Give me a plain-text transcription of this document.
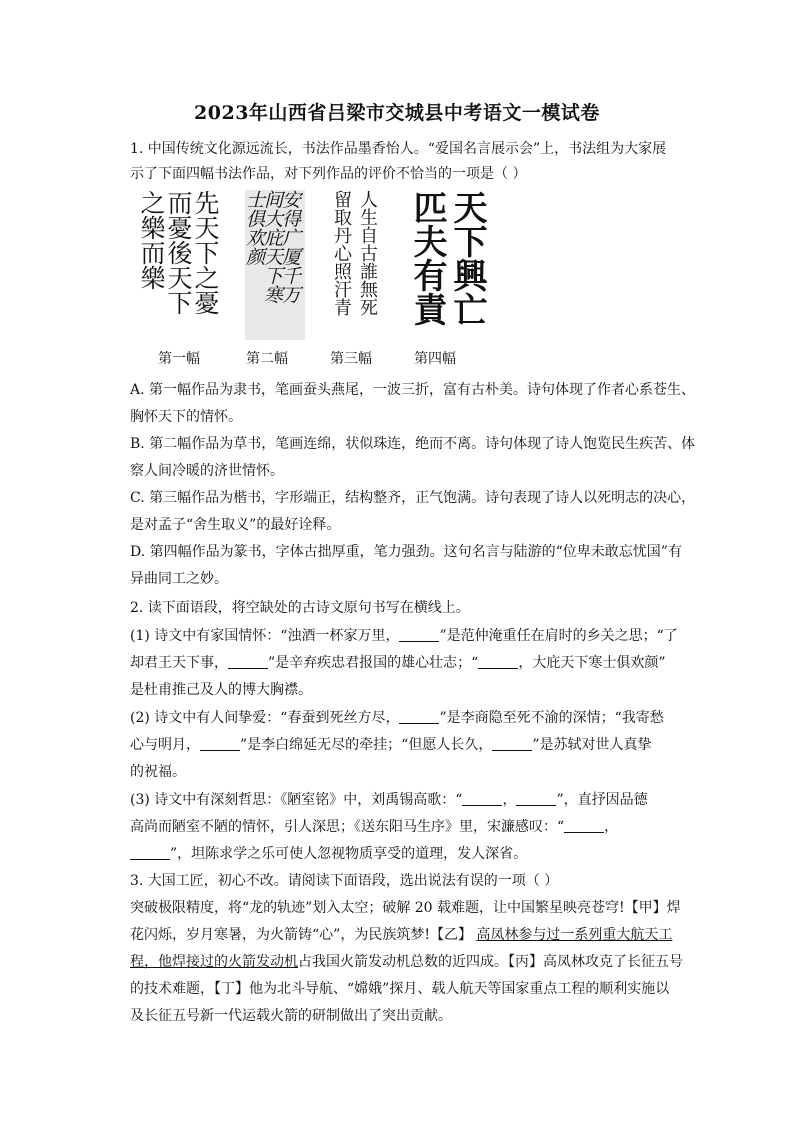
2023年山西省吕梁市交城县中考语文一模试卷
1. 中国传统文化源远流长，书法作品墨香怡人。“爱国名言展示会”上，书法组为大家展
示了下面四幅书法作品，对下列作品的评价不恰当的一项是（ ）
先天下之憂
而憂後天下
之樂而樂	安得广厦千万
间大庇天下寒
士俱欢颜	人生自古誰無死
留取丹心照汗青	天下興亡
匹夫有責
第一幅	第二幅	第三幅	第四幅
A. 第一幅作品为隶书，笔画蚕头燕尾，一波三折，富有古朴美。诗句体现了作者心系苍生、
胸怀天下的情怀。
B. 第二幅作品为草书，笔画连绵，状似珠连，绝而不离。诗句体现了诗人饱览民生疾苦、体
察人间冷暖的济世情怀。
C. 第三幅作品为楷书，字形端正，结构整齐，正气饱满。诗句表现了诗人以死明志的决心，
是对孟子“舍生取义”的最好诠释。
D. 第四幅作品为篆书，字体古拙厚重，笔力强劲。这句名言与陆游的“位卑未敢忘忧国”有
异曲同工之妙。
2. 读下面语段，将空缺处的古诗文原句书写在横线上。
(1) 诗文中有家国情怀：“浊酒一杯家万里，	”是范仲淹重任在肩时的乡关之思；“了
却君王天下事，	”是辛弃疾忠君报国的雄心壮志；“	，大庇天下寒士俱欢颜”
是杜甫推己及人的博大胸襟。
(2) 诗文中有人间挚爱：“春蚕到死丝方尽，	”是李商隐至死不渝的深情；“我寄愁
心与明月，	”是李白绵延无尽的牵挂；“但愿人长久，	”是苏轼对世人真挚
的祝福。
(3) 诗文中有深刻哲思：《陋室铭》中，刘禹锡高歌：“	，	”，直抒因品德
高尚而陋室不陋的情怀，引人深思；《送东阳马生序》里，宋濂感叹：“	，
”，坦陈求学之乐可使人忽视物质享受的道理，发人深省。
3. 大国工匠，初心不改。请阅读下面语段，选出说法有误的一项（ ）
突破极限精度，将“龙的轨迹”划入太空；破解 20 载难题，让中国繁星映亮苍穹!【甲】焊
花闪烁，岁月寒暑，为火箭铸“心”，为民族筑梦!【乙】 高凤林参与过一系列重大航天工
程，他焊接过的火箭发动机占我国火箭发动机总数的近四成。【丙】高凤林攻克了长征五号
的技术难题，【丁】他为北斗导航、“嫦娥”探月、载人航天等国家重点工程的顺利实施以
及长征五号新一代运载火箭的研制做出了突出贡献。
